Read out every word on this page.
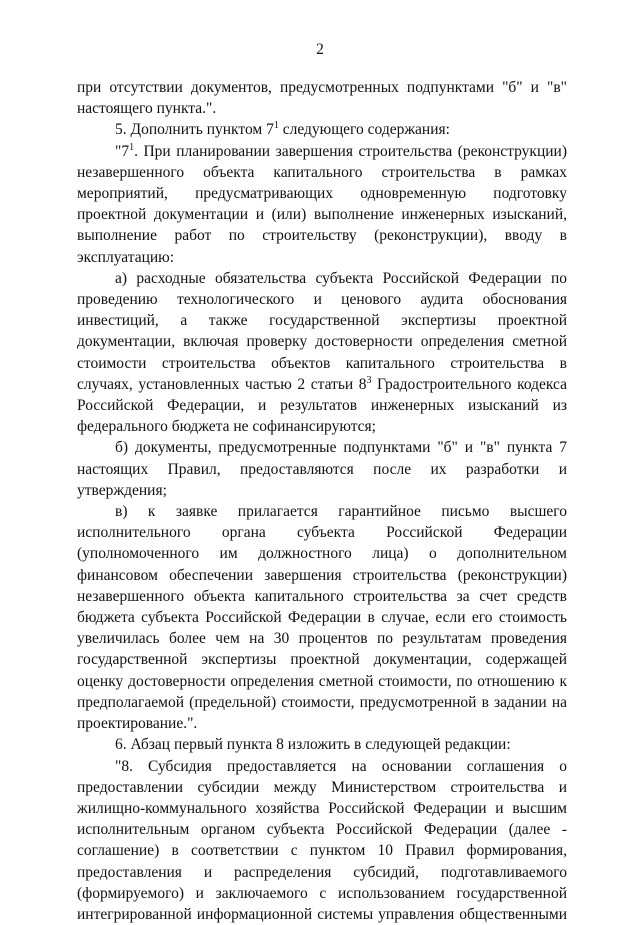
2

при отсутствии документов, предусмотренных подпунктами "б" и "в" настоящего пункта.".

5. Дополнить пунктом $7^1$ следующего содержания:

"$7^1$. При планировании завершения строительства (реконструкции) незавершенного объекта капитального строительства в рамках мероприятий, предусматривающих одновременную подготовку проектной документации и (или) выполнение инженерных изысканий, выполнение работ по строительству (реконструкции), вводу в эксплуатацию:

а) расходные обязательства субъекта Российской Федерации по проведению технологического и ценового аудита обоснования инвестиций, а также государственной экспертизы проектной документации, включая проверку достоверности определения сметной стоимости строительства объектов капитального строительства в случаях, установленных частью 2 статьи $8^3$ Градостроительного кодекса Российской Федерации, и результатов инженерных изысканий из федерального бюджета не софинансируются;

б) документы, предусмотренные подпунктами "б" и "в" пункта 7 настоящих Правил, предоставляются после их разработки и утверждения;

в) к заявке прилагается гарантийное письмо высшего исполнительного органа субъекта Российской Федерации (уполномоченного им должностного лица) о дополнительном финансовом обеспечении завершения строительства (реконструкции) незавершенного объекта капитального строительства за счет средств бюджета субъекта Российской Федерации в случае, если его стоимость увеличилась более чем на 30 процентов по результатам проведения государственной экспертизы проектной документации, содержащей оценку достоверности определения сметной стоимости, по отношению к предполагаемой (предельной) стоимости, предусмотренной в задании на проектирование.".

6. Абзац первый пункта 8 изложить в следующей редакции:

"8. Субсидия предоставляется на основании соглашения о предоставлении субсидии между Министерством строительства и жилищно-коммунального хозяйства Российской Федерации и высшим исполнительным органом субъекта Российской Федерации (далее - соглашение) в соответствии с пунктом 10 Правил формирования, предоставления и распределения субсидий, подготавливаемого (формируемого) и заключаемого с использованием государственной интегрированной информационной системы управления общественными
